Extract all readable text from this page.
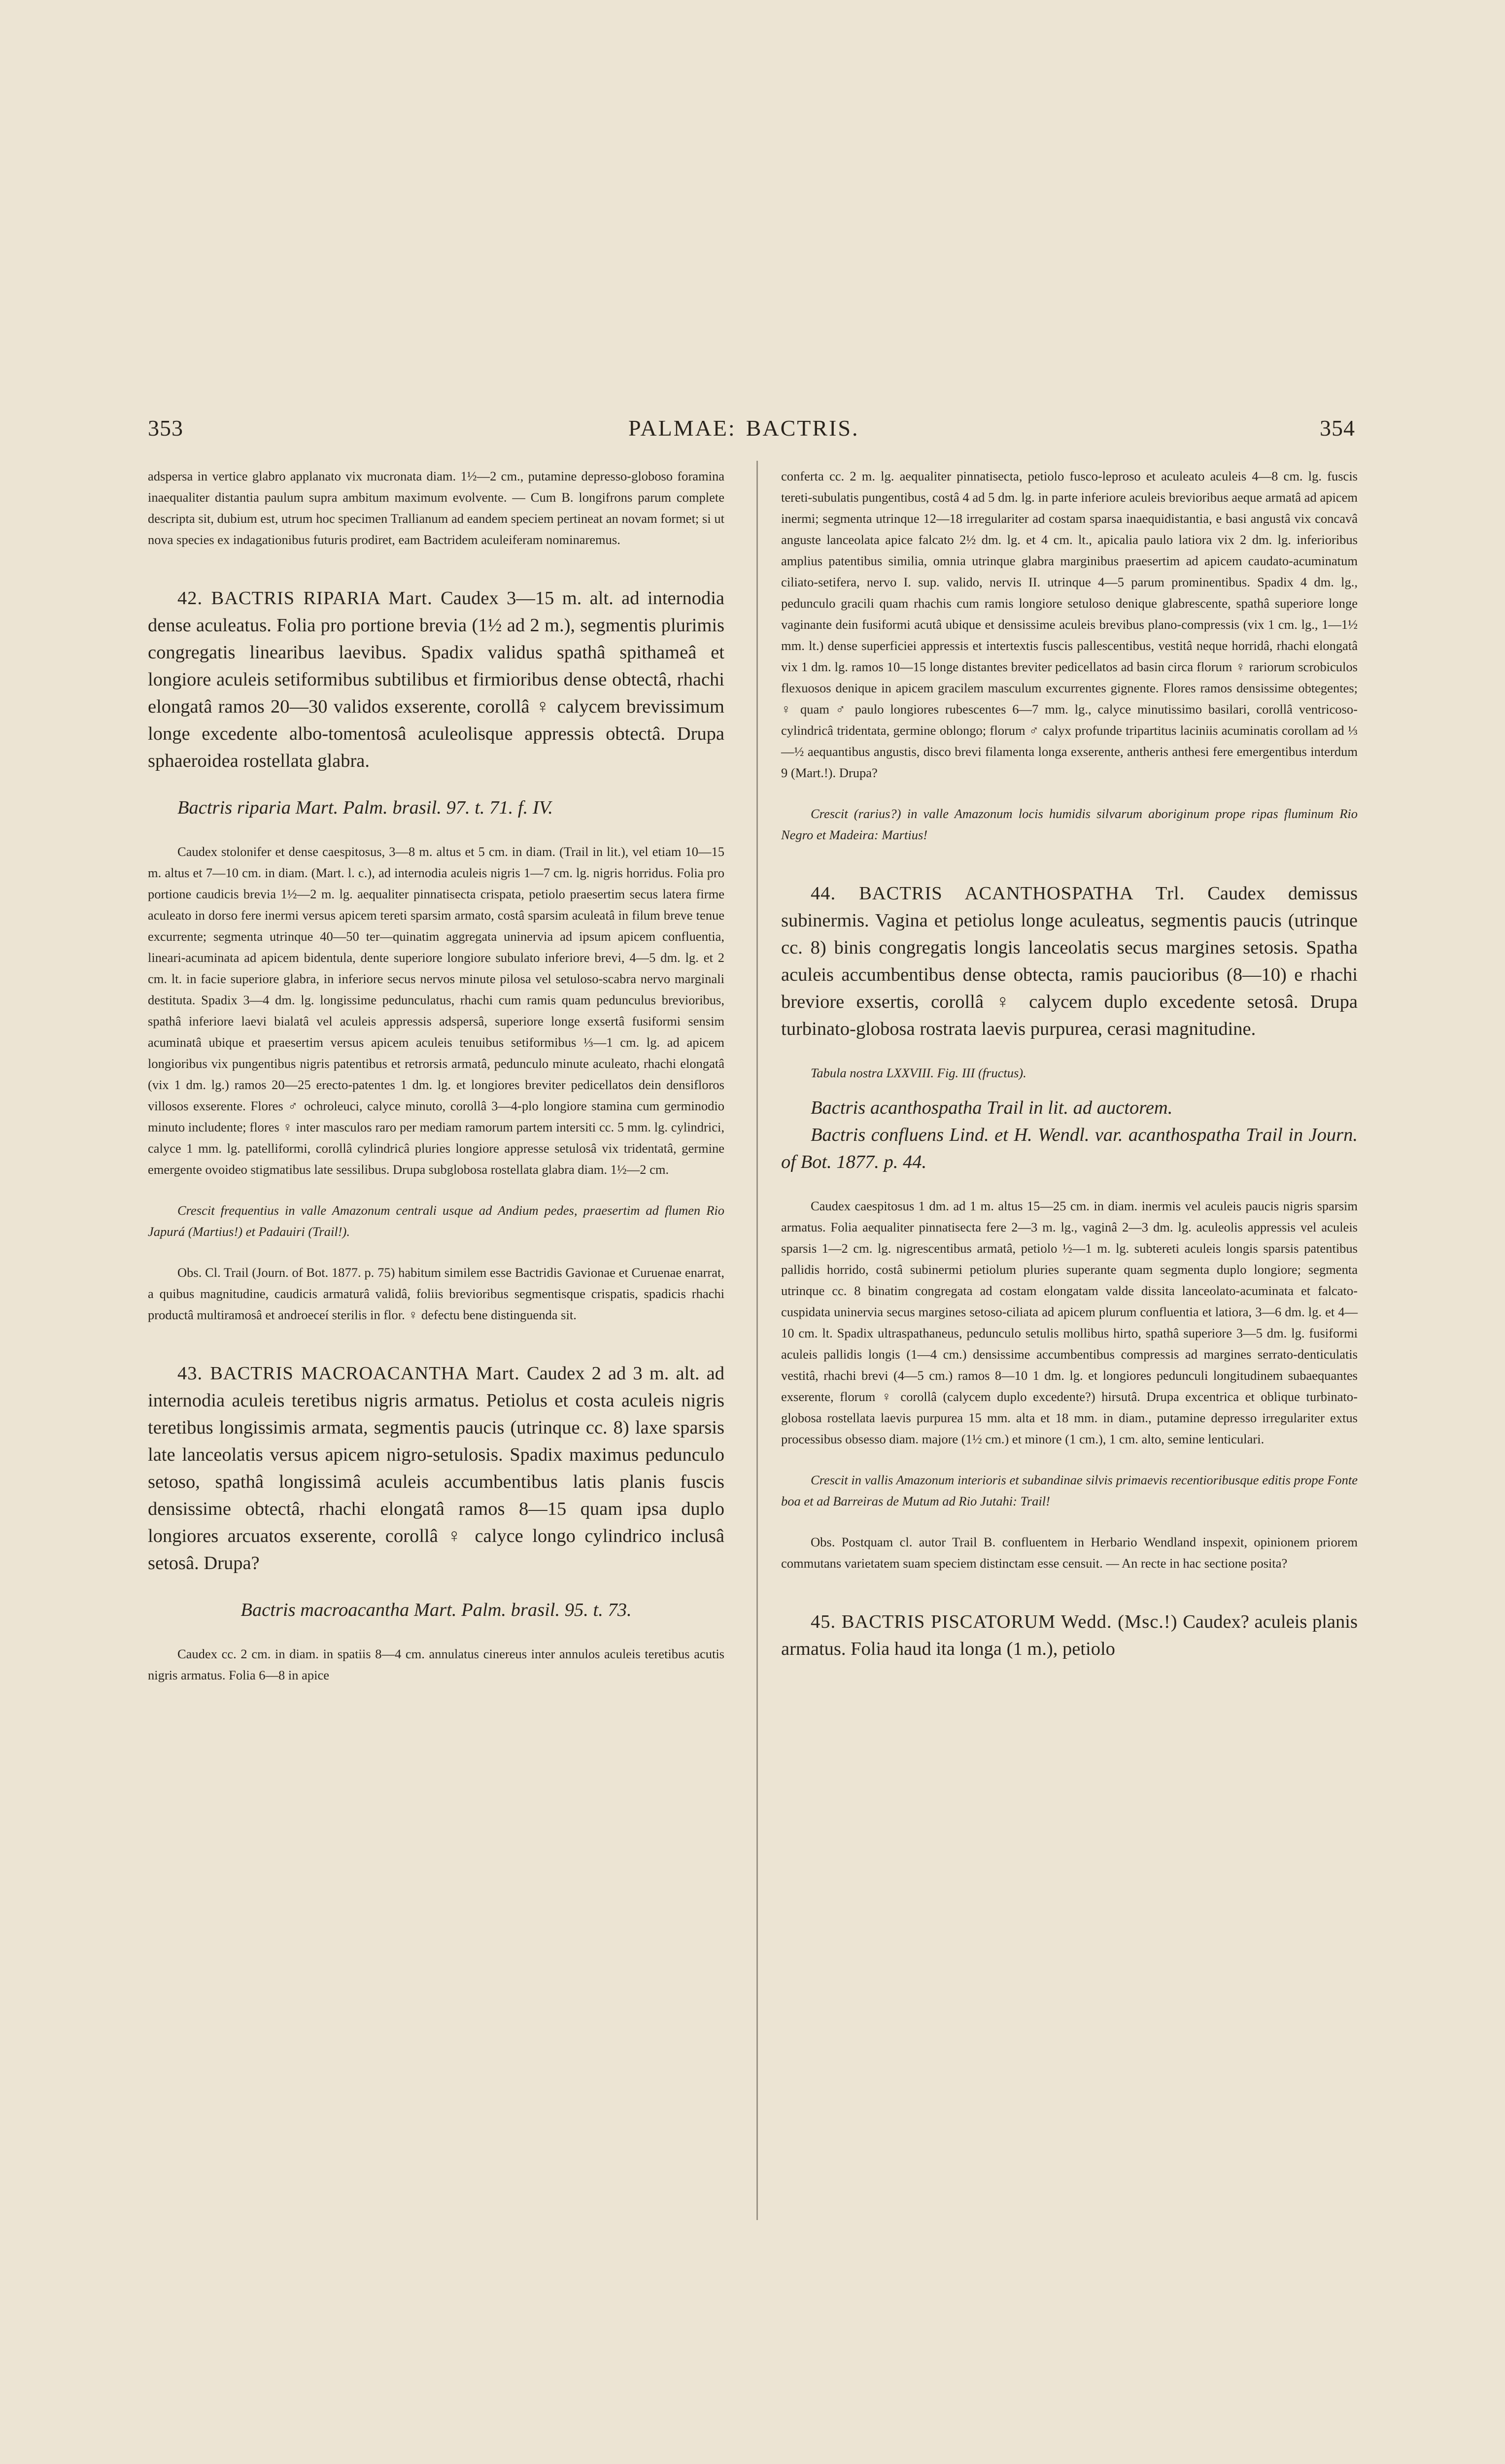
353	PALMAE: BACTRIS.	354

adspersa in vertice glabro applanato vix mucronata diam. 1½—2 cm., putamine depresso-globoso foramina inaequaliter distantia paulum supra ambitum maximum evolvente. — Cum B. longifrons parum complete descripta sit, dubium est, utrum hoc specimen Trallianum ad eandem speciem pertineat an novam formet; si ut nova species ex indagationibus futuris prodiret, eam Bactridem aculeiferam nominaremus.

42. BACTRIS RIPARIA Mart. Caudex 3—15 m. alt. ad internodia dense aculeatus. Folia pro portione brevia (1½ ad 2 m.), segmentis plurimis congregatis linearibus laevibus. Spadix validus spathâ spithameâ et longiore aculeis setiformibus subtilibus et firmioribus dense obtectâ, rhachi elongatâ ramos 20—30 validos exserente, corollâ ♀ calycem brevissimum longe excedente albo-tomentosâ aculeolisque appressis obtectâ. Drupa sphaeroidea rostellata glabra.

Bactris riparia Mart. Palm. brasil. 97. t. 71. f. IV.

Caudex stolonifer et dense caespitosus, 3—8 m. altus et 5 cm. in diam. (Trail in lit.), vel etiam 10—15 m. altus et 7—10 cm. in diam. (Mart. l. c.), ad internodia aculeis nigris 1—7 cm. lg. nigris horridus. Folia pro portione caudicis brevia 1½—2 m. lg. aequaliter pinnatisecta crispata, petiolo praesertim secus latera firme aculeato in dorso fere inermi versus apicem tereti sparsim armato, costâ sparsim aculeatâ in filum breve tenue excurrente; segmenta utrinque 40—50 ter—quinatim aggregata uninervia ad ipsum apicem confluentia, lineari-acuminata ad apicem bidentula, dente superiore longiore subulato inferiore brevi, 4—5 dm. lg. et 2 cm. lt. in facie superiore glabra, in inferiore secus nervos minute pilosa vel setuloso-scabra nervo marginali destituta. Spadix 3—4 dm. lg. longissime pedunculatus, rhachi cum ramis quam pedunculus brevioribus, spathâ inferiore laevi bialatâ vel aculeis appressis adspersâ, superiore longe exsertâ fusiformi sensim acuminatâ ubique et praesertim versus apicem aculeis tenuibus setiformibus ⅓—1 cm. lg. ad apicem longioribus vix pungentibus nigris patentibus et retrorsis armatâ, pedunculo minute aculeato, rhachi elongatâ (vix 1 dm. lg.) ramos 20—25 erecto-patentes 1 dm. lg. et longiores breviter pedicellatos dein densifloros villosos exserente. Flores ♂ ochroleuci, calyce minuto, corollâ 3—4-plo longiore stamina cum germinodio minuto includente; flores ♀ inter masculos raro per mediam ramorum partem intersiti cc. 5 mm. lg. cylindrici, calyce 1 mm. lg. patelliformi, corollâ cylindricâ pluries longiore appresse setulosâ vix tridentatâ, germine emergente ovoideo stigmatibus late sessilibus. Drupa subglobosa rostellata glabra diam. 1½—2 cm.

Crescit frequentius in valle Amazonum centrali usque ad Andium pedes, praesertim ad flumen Rio Japurá (Martius!) et Padauiri (Trail!).

Obs. Cl. Trail (Journ. of Bot. 1877. p. 75) habitum similem esse Bactridis Gavionae et Curuenae enarrat, a quibus magnitudine, caudicis armaturâ validâ, foliis brevioribus segmentisque crispatis, spadicis rhachi productâ multiramosâ et androeceí sterilis in flor. ♀ defectu bene distinguenda sit.

43. BACTRIS MACROACANTHA Mart. Caudex 2 ad 3 m. alt. ad internodia aculeis teretibus nigris armatus. Petiolus et costa aculeis nigris teretibus longissimis armata, segmentis paucis (utrinque cc. 8) laxe sparsis late lanceolatis versus apicem nigro-setulosis. Spadix maximus pedunculo setoso, spathâ longissimâ aculeis accumbentibus latis planis fuscis densissime obtectâ, rhachi elongatâ ramos 8—15 quam ipsa duplo longiores arcuatos exserente, corollâ ♀ calyce longo cylindrico inclusâ setosâ. Drupa?

Bactris macroacantha Mart. Palm. brasil. 95. t. 73.

Caudex cc. 2 cm. in diam. in spatiis 8—4 cm. annulatus cinereus inter annulos aculeis teretibus acutis nigris armatus. Folia 6—8 in apice

conferta cc. 2 m. lg. aequaliter pinnatisecta, petiolo fusco-leproso et aculeato aculeis 4—8 cm. lg. fuscis tereti-subulatis pungentibus, costâ 4 ad 5 dm. lg. in parte inferiore aculeis brevioribus aeque armatâ ad apicem inermi; segmenta utrinque 12—18 irregulariter ad costam sparsa inaequidistantia, e basi angustâ vix concavâ anguste lanceolata apice falcato 2½ dm. lg. et 4 cm. lt., apicalia paulo latiora vix 2 dm. lg. inferioribus amplius patentibus similia, omnia utrinque glabra marginibus praesertim ad apicem caudato-acuminatum ciliato-setifera, nervo I. sup. valido, nervis II. utrinque 4—5 parum prominentibus. Spadix 4 dm. lg., pedunculo gracili quam rhachis cum ramis longiore setuloso denique glabrescente, spathâ superiore longe vaginante dein fusiformi acutâ ubique et densissime aculeis brevibus plano-compressis (vix 1 cm. lg., 1—1½ mm. lt.) dense superficiei appressis et intertextis fuscis pallescentibus, vestitâ neque horridâ, rhachi elongatâ vix 1 dm. lg. ramos 10—15 longe distantes breviter pedicellatos ad basin circa florum ♀ rariorum scrobiculos flexuosos denique in apicem gracilem masculum excurrentes gignente. Flores ramos densissime obtegentes; ♀ quam ♂ paulo longiores rubescentes 6—7 mm. lg., calyce minutissimo basilari, corollâ ventricoso-cylindricâ tridentata, germine oblongo; florum ♂ calyx profunde tripartitus laciniis acuminatis corollam ad ⅓—½ aequantibus angustis, disco brevi filamenta longa exserente, antheris anthesi fere emergentibus interdum 9 (Mart.!). Drupa?

Crescit (rarius?) in valle Amazonum locis humidis silvarum aboriginum prope ripas fluminum Rio Negro et Madeira: Martius!

44. BACTRIS ACANTHOSPATHA Trl. Caudex demissus subinermis. Vagina et petiolus longe aculeatus, segmentis paucis (utrinque cc. 8) binis congregatis longis lanceolatis secus margines setosis. Spatha aculeis accumbentibus dense obtecta, ramis paucioribus (8—10) e rhachi breviore exsertis, corollâ ♀ calycem duplo excedente setosâ. Drupa turbinato-globosa rostrata laevis purpurea, cerasi magnitudine.

Tabula nostra LXXVIII. Fig. III (fructus).

Bactris acanthospatha Trail in lit. ad auctorem.

Bactris confluens Lind. et H. Wendl. var. acanthospatha Trail in Journ. of Bot. 1877. p. 44.

Caudex caespitosus 1 dm. ad 1 m. altus 15—25 cm. in diam. inermis vel aculeis paucis nigris sparsim armatus. Folia aequaliter pinnatisecta fere 2—3 m. lg., vaginâ 2—3 dm. lg. aculeolis appressis vel aculeis sparsis 1—2 cm. lg. nigrescentibus armatâ, petiolo ½—1 m. lg. subtereti aculeis longis sparsis patentibus pallidis horrido, costâ subinermi petiolum pluries superante quam segmenta duplo longiore; segmenta utrinque cc. 8 binatim congregata ad costam elongatam valde dissita lanceolato-acuminata et falcato-cuspidata uninervia secus margines setoso-ciliata ad apicem plurum confluentia et latiora, 3—6 dm. lg. et 4—10 cm. lt. Spadix ultraspathaneus, pedunculo setulis mollibus hirto, spathâ superiore 3—5 dm. lg. fusiformi aculeis pallidis longis (1—4 cm.) densissime accumbentibus compressis ad margines serrato-denticulatis vestitâ, rhachi brevi (4—5 cm.) ramos 8—10 1 dm. lg. et longiores pedunculi longitudinem subaequantes exserente, florum ♀ corollâ (calycem duplo excedente?) hirsutâ. Drupa excentrica et oblique turbinato-globosa rostellata laevis purpurea 15 mm. alta et 18 mm. in diam., putamine depresso irregulariter extus processibus obsesso diam. majore (1½ cm.) et minore (1 cm.), 1 cm. alto, semine lenticulari.

Crescit in vallis Amazonum interioris et subandinae silvis primaevis recentioribusque editis prope Fonte boa et ad Barreiras de Mutum ad Rio Jutahi: Trail!

Obs. Postquam cl. autor Trail B. confluentem in Herbario Wendland inspexit, opinionem priorem commutans varietatem suam speciem distinctam esse censuit. — An recte in hac sectione posita?

45. BACTRIS PISCATORUM Wedd. (Msc.!) Caudex? aculeis planis armatus. Folia haud ita longa (1 m.), petiolo
